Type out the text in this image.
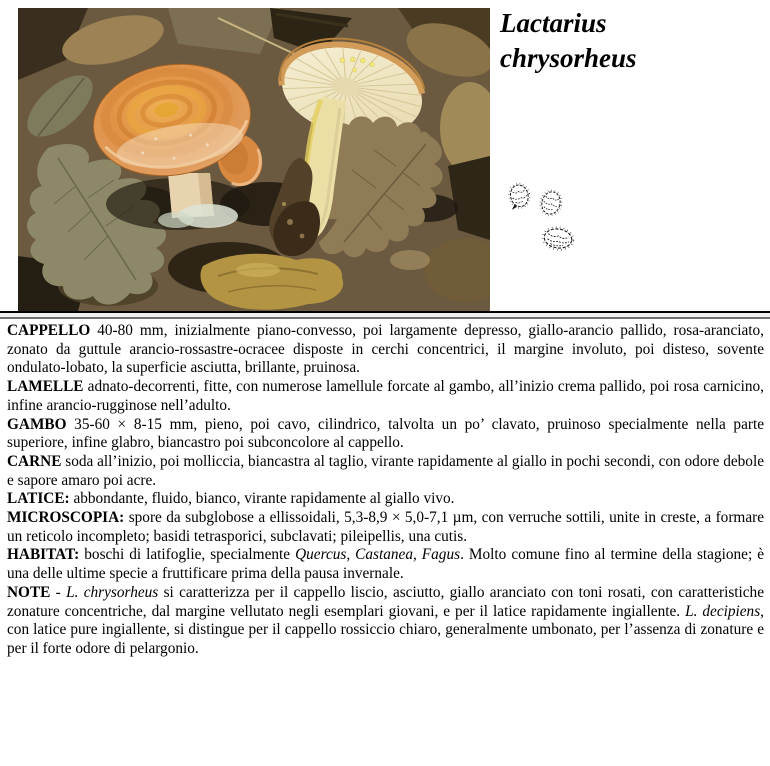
Lactarius
chrysorheus

CAPPELLO 40-80 mm, inizialmente piano-convesso, poi largamente depresso, giallo-arancio pallido, rosa-aranciato, zonato da guttule arancio-rossastre-ocracee disposte in cerchi concentrici, il margine involuto, poi disteso, sovente ondulato-lobato, la superficie asciutta, brillante, pruinosa.

LAMELLE adnato-decorrenti, fitte, con numerose lamellule forcate al gambo, all’inizio crema pallido, poi rosa carnicino, infine arancio-rugginose nell’adulto.

GAMBO 35-60 × 8-15 mm, pieno, poi cavo, cilindrico, talvolta un po’ clavato, pruinoso specialmente nella parte superiore, infine glabro, biancastro poi subconcolore al cappello.

CARNE soda all’inizio, poi molliccia, biancastra al taglio, virante rapidamente al giallo in pochi secondi, con odore debole e sapore amaro poi acre.

LATICE: abbondante, fluido, bianco, virante rapidamente al giallo vivo.

MICROSCOPIA: spore da subglobose a ellissoidali, 5,3-8,9 × 5,0-7,1 µm, con verruche sottili, unite in creste, a formare un reticolo incompleto; basidi tetrasporici, subclavati; pileipellis, una cutis.

HABITAT: boschi di latifoglie, specialmente Quercus, Castanea, Fagus. Molto comune fino al termine della stagione; è una delle ultime specie a fruttificare prima della pausa invernale.

NOTE - L. chrysorheus si caratterizza per il cappello liscio, asciutto, giallo aranciato con toni rosati, con caratteristiche zonature concentriche, dal margine vellutato negli esemplari giovani, e per il latice rapidamente ingiallente. L. decipiens, con latice pure ingiallente, si distingue per il cappello rossiccio chiaro, generalmente umbonato, per l’assenza di zonature e per il forte odore di pelargonio.
